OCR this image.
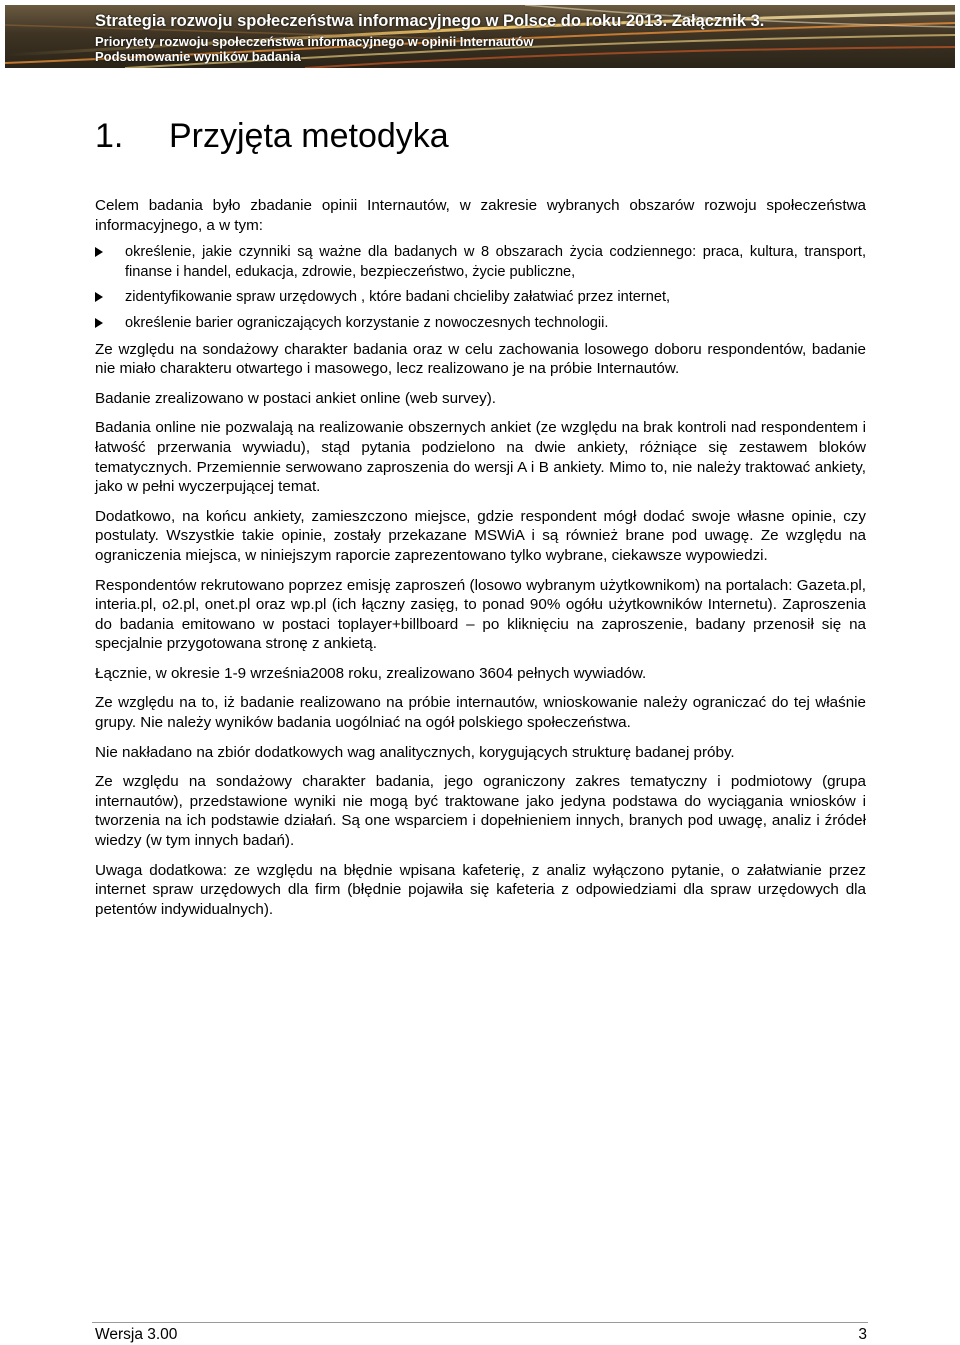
Strategia rozwoju społeczeństwa informacyjnego w Polsce do roku 2013. Załącznik 3.
Priorytety rozwoju społeczeństwa informacyjnego w opinii Internautów
Podsumowanie wyników badania
1. Przyjęta metodyka

Celem badania było zbadanie opinii Internautów, w zakresie wybranych obszarów rozwoju społeczeństwa informacyjnego, a w tym:

określenie, jakie czynniki są ważne dla badanych w 8 obszarach życia codziennego: praca, kultura, transport, finanse i handel, edukacja, zdrowie, bezpieczeństwo, życie publiczne,
zidentyfikowanie spraw urzędowych , które badani chcieliby załatwiać przez internet,
określenie barier ograniczających korzystanie z nowoczesnych technologii.

Ze względu na sondażowy charakter badania oraz w celu zachowania losowego doboru respondentów, badanie nie miało charakteru otwartego i masowego, lecz realizowano je na próbie Internautów.

Badanie zrealizowano w postaci ankiet online (web survey).

Badania online nie pozwalają na realizowanie obszernych ankiet (ze względu na brak kontroli nad respondentem i łatwość przerwania wywiadu), stąd pytania podzielono na dwie ankiety, różniące się zestawem bloków tematycznych. Przemiennie serwowano zaproszenia do wersji A i B ankiety. Mimo to, nie należy traktować ankiety, jako w pełni wyczerpującej temat.

Dodatkowo, na końcu ankiety, zamieszczono miejsce, gdzie respondent mógł dodać swoje własne opinie, czy postulaty. Wszystkie takie opinie, zostały przekazane MSWiA i są również brane pod uwagę. Ze względu na ograniczenia miejsca, w niniejszym raporcie zaprezentowano tylko wybrane, ciekawsze wypowiedzi.

Respondentów rekrutowano poprzez emisję zaproszeń (losowo wybranym użytkownikom) na portalach: Gazeta.pl, interia.pl, o2.pl, onet.pl oraz wp.pl (ich łączny zasięg, to ponad 90% ogółu użytkowników Internetu). Zaproszenia do badania emitowano w postaci toplayer+billboard – po kliknięciu na zaproszenie, badany przenosił się na specjalnie przygotowana stronę z ankietą.

Łącznie, w okresie 1-9 września2008 roku, zrealizowano 3604 pełnych wywiadów.

Ze względu na to, iż badanie realizowano na próbie internautów, wnioskowanie należy ograniczać do tej właśnie grupy. Nie należy wyników badania uogólniać na ogół polskiego społeczeństwa.

Nie nakładano na zbiór dodatkowych wag analitycznych, korygujących strukturę badanej próby.

Ze względu na sondażowy charakter badania, jego ograniczony zakres tematyczny i podmiotowy (grupa internautów), przedstawione wyniki nie mogą być traktowane jako jedyna podstawa do wyciągania wniosków i tworzenia na ich podstawie działań. Są one wsparciem i dopełnieniem innych, branych pod uwagę, analiz i źródeł wiedzy (w tym innych badań).

Uwaga dodatkowa: ze względu na błędnie wpisana kafeterię, z analiz wyłączono pytanie, o załatwianie przez internet spraw urzędowych dla firm (błędnie pojawiła się kafeteria z odpowiedziami dla spraw urzędowych dla petentów indywidualnych).

Wersja 3.00	3
